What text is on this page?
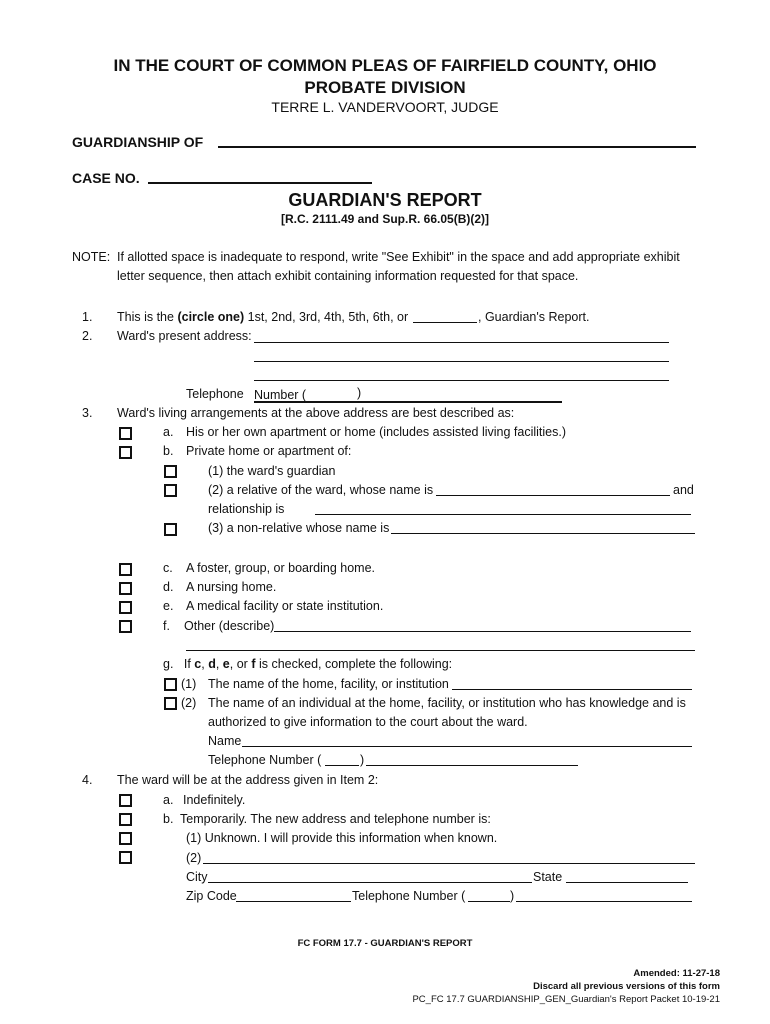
IN THE COURT OF COMMON PLEAS OF FAIRFIELD COUNTY, OHIO
PROBATE DIVISION
TERRE L. VANDERVOORT, JUDGE
GUARDIANSHIP OF
CASE NO.
GUARDIAN'S REPORT
[R.C. 2111.49 and Sup.R. 66.05(B)(2)]
NOTE: If allotted space is inadequate to respond, write "See Exhibit" in the space and add appropriate exhibit
letter sequence, then attach exhibit containing information requested for that space.
1. This is the (circle one) 1st, 2nd, 3rd, 4th, 5th, 6th, or	, Guardian's Report.
2. Ward's present address:
Telephone Number (	)
3. Ward's living arrangements at the above address are best described as:
a. His or her own apartment or home (includes assisted living facilities.)
b. Private home or apartment of:
(1) the ward's guardian
(2) a relative of the ward, whose name is	and
relationship is
(3) a non-relative whose name is
c. A foster, group, or boarding home.
d. A nursing home.
e. A medical facility or state institution.
f. Other (describe)
g. If c, d, e, or f is checked, complete the following:
(1) The name of the home, facility, or institution
(2) The name of an individual at the home, facility, or institution who has knowledge and is
authorized to give information to the court about the ward.
Name
Telephone Number (	)
4. The ward will be at the address given in Item 2:
a. Indefinitely.
b. Temporarily. The new address and telephone number is:
(1) Unknown. I will provide this information when known.
(2)
City	State
Zip Code	Telephone Number (	)
FC FORM 17.7 - GUARDIAN'S REPORT
Amended: 11-27-18
Discard all previous versions of this form
PC_FC 17.7 GUARDIANSHIP_GEN_Guardian's Report Packet 10-19-21
